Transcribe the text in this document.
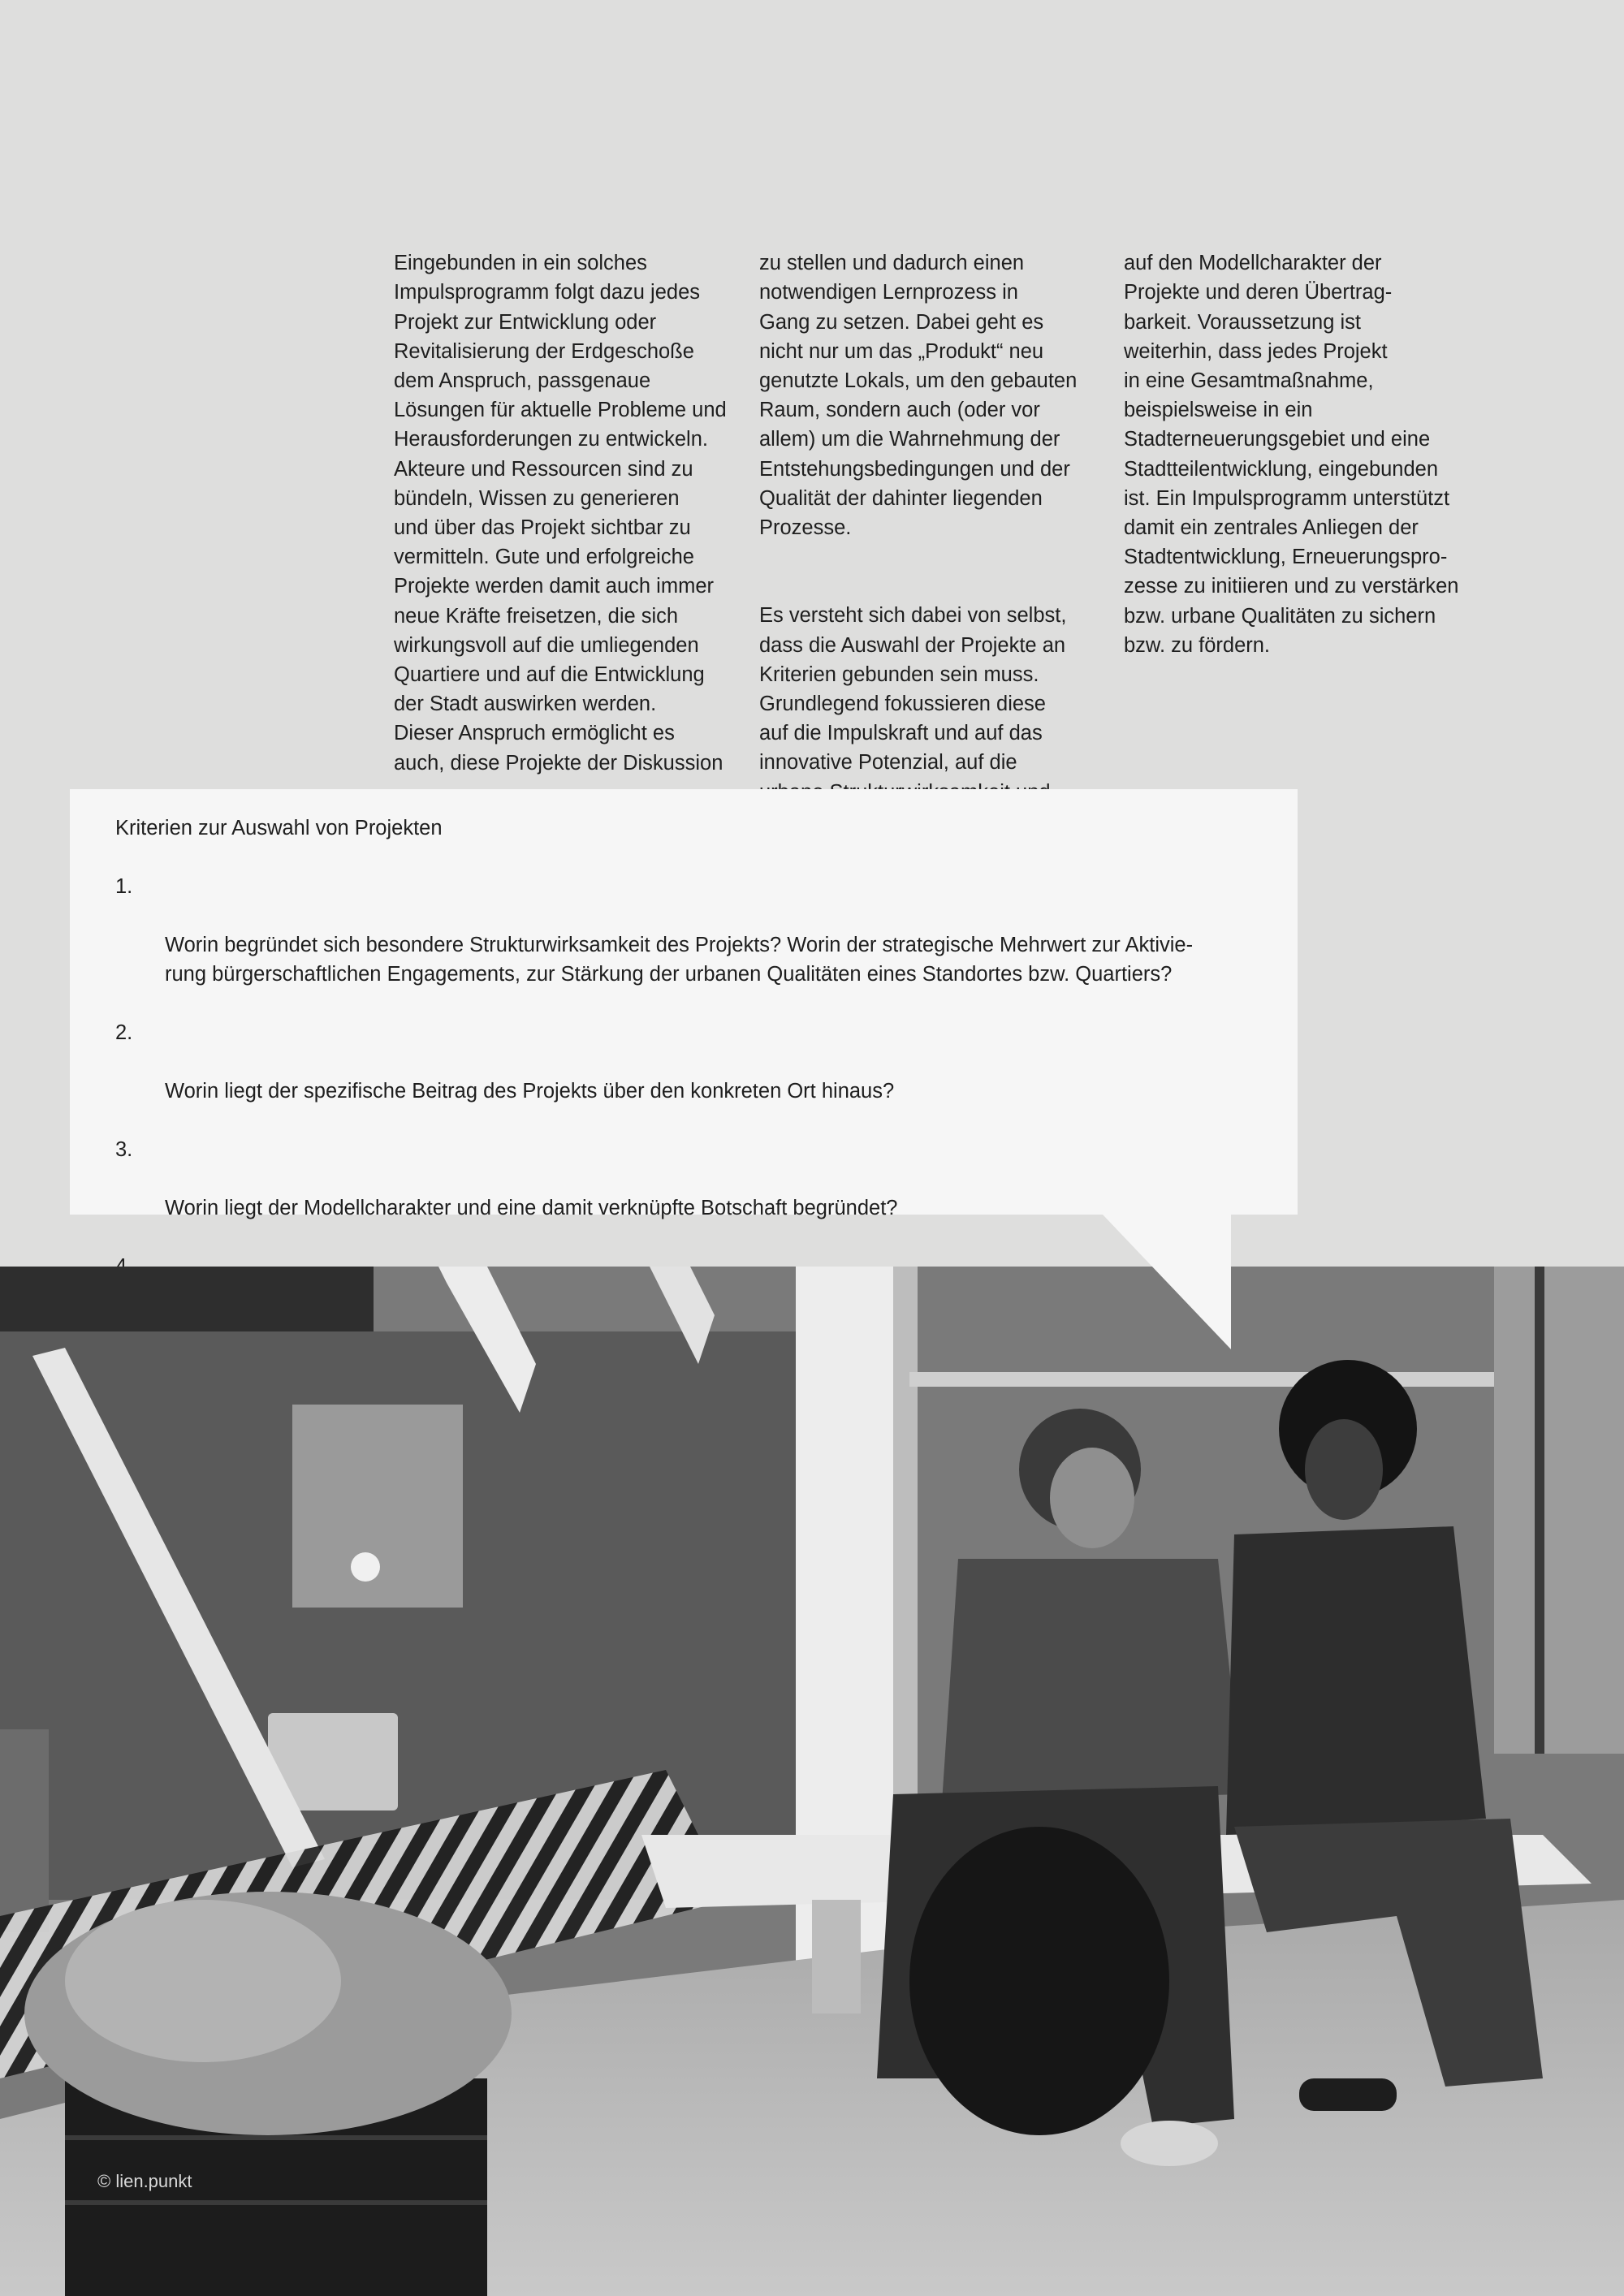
Eingebunden in ein solches
Impulsprogramm folgt dazu jedes
Projekt zur Entwicklung oder
Revitalisierung der Erdgeschoße
dem Anspruch, passgenaue
Lösungen für aktuelle Probleme und
Herausforderungen zu entwickeln.
Akteure und Ressourcen sind zu
bündeln, Wissen zu generieren
und über das Projekt sichtbar zu
vermitteln. Gute und erfolgreiche
Projekte werden damit auch immer
neue Kräfte freisetzen, die sich
wirkungsvoll auf die umliegenden
Quartiere und auf die Entwicklung
der Stadt auswirken werden.
Dieser Anspruch ermöglicht es
auch, diese Projekte der Diskussion

zu stellen und dadurch einen
notwendigen Lernprozess in
Gang zu setzen. Dabei geht es
nicht nur um das „Produkt“ neu
genutzte Lokals, um den gebauten
Raum, sondern auch (oder vor
allem) um die Wahrnehmung der
Entstehungsbedingungen und der
Qualität der dahinter liegenden
Prozesse.

Es versteht sich dabei von selbst,
dass die Auswahl der Projekte an
Kriterien gebunden sein muss.
Grundlegend fokussieren diese
auf die Impulskraft und auf das
innovative Potenzial, auf die

auf den Modellcharakter der
Projekte und deren Übertrag-
barkeit. Voraussetzung ist
weiterhin, dass jedes Projekt
in eine Gesamtmaßnahme,
beispielsweise in ein
Stadterneuerungsgebiet und eine
Stadtteilentwicklung, eingebunden
ist. Ein Impulsprogramm unterstützt
damit ein zentrales Anliegen der
Stadtentwicklung, Erneuerungspro-
zesse zu initiieren und zu verstärken
bzw. urbane Qualitäten zu sichern
bzw. zu fördern.

Kriterien zur Auswahl von Projekten

1.

Worin begründet sich besondere Strukturwirksamkeit des Projekts? Worin der strategische Mehrwert zur Aktivie-
rung bürgerschaftlichen Engagements, zur Stärkung der urbanen Qualitäten eines Standortes bzw. Quartiers?

2.

Worin liegt der spezifische Beitrag des Projekts über den konkreten Ort hinaus?

3.

Worin liegt der Modellcharakter und eine damit verknüpfte Botschaft begründet?

© lien.punkt
